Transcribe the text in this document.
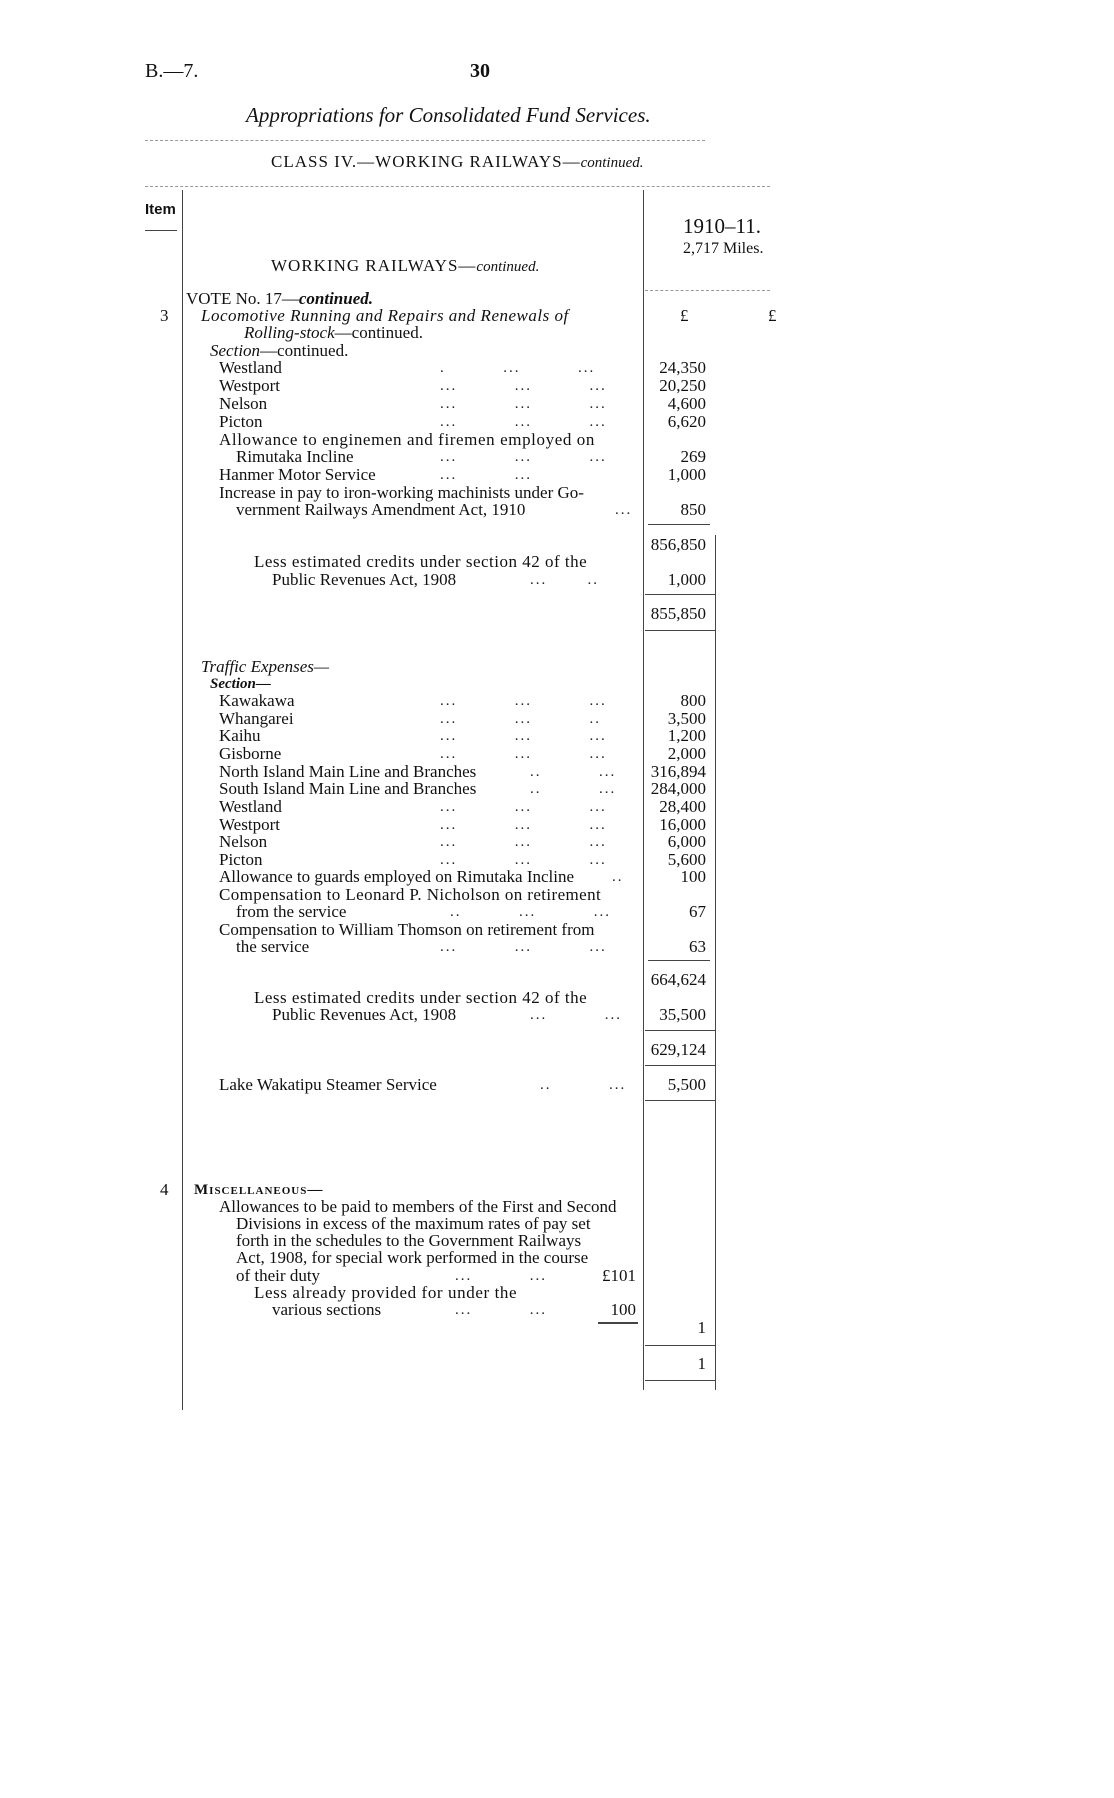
B.—7.	30
Appropriations for Consolidated Fund Services.
CLASS IV.—WORKING RAILWAYS—continued.
Item
1910–11.
2,717 Miles.
WORKING RAILWAYS—continued.
VOTE No. 17—continued.
3 Locomotive Running and Repairs and Renewals of	£	£
Rolling-stock—continued.
Section—continued.
Westland	.          ...          ...	24,350
Westport	...          ...          ...	20,250
Nelson	...          ...          ...	4,600
Picton	...          ...          ...	6,620
Allowance to enginemen and firemen employed on
Rimutaka Incline	...          ...          ...	269
Hanmer Motor Service	...          ...	1,000
Increase in pay to iron-working machinists under Go-
vernment Railways Amendment Act, 1910	...	850
856,850
Less estimated credits under section 42 of the
Public Revenues Act, 1908	...       ..	1,000
855,850
Traffic Expenses—
Section—
Kawakawa	...          ...          ...	800
Whangarei	...          ...          ..	3,500
Kaihu	...          ...          ...	1,200
Gisborne	...          ...          ...	2,000
North Island Main Line and Branches	..          ...	316,894
South Island Main Line and Branches	..          ...	284,000
Westland	...          ...          ...	28,400
Westport	...          ...          ...	16,000
Nelson	...          ...          ...	6,000
Picton	...          ...          ...	5,600
Allowance to guards employed on Rimutaka Incline	..	100
Compensation to Leonard P. Nicholson on retirement
from the service	..          ...          ...	67
Compensation to William Thomson on retirement from
the service	...          ...          ...	63
664,624
Less estimated credits under section 42 of the
Public Revenues Act, 1908	...          ...	35,500
629,124
Lake Wakatipu Steamer Service	..          ...	5,500
4 Miscellaneous—
Allowances to be paid to members of the First and Second
Divisions in excess of the maximum rates of pay set
forth in the schedules to the Government Railways
Act, 1908, for special work performed in the course
of their duty	...          ...	£101
Less already provided for under the
various sections	...          ...	100
1
1
